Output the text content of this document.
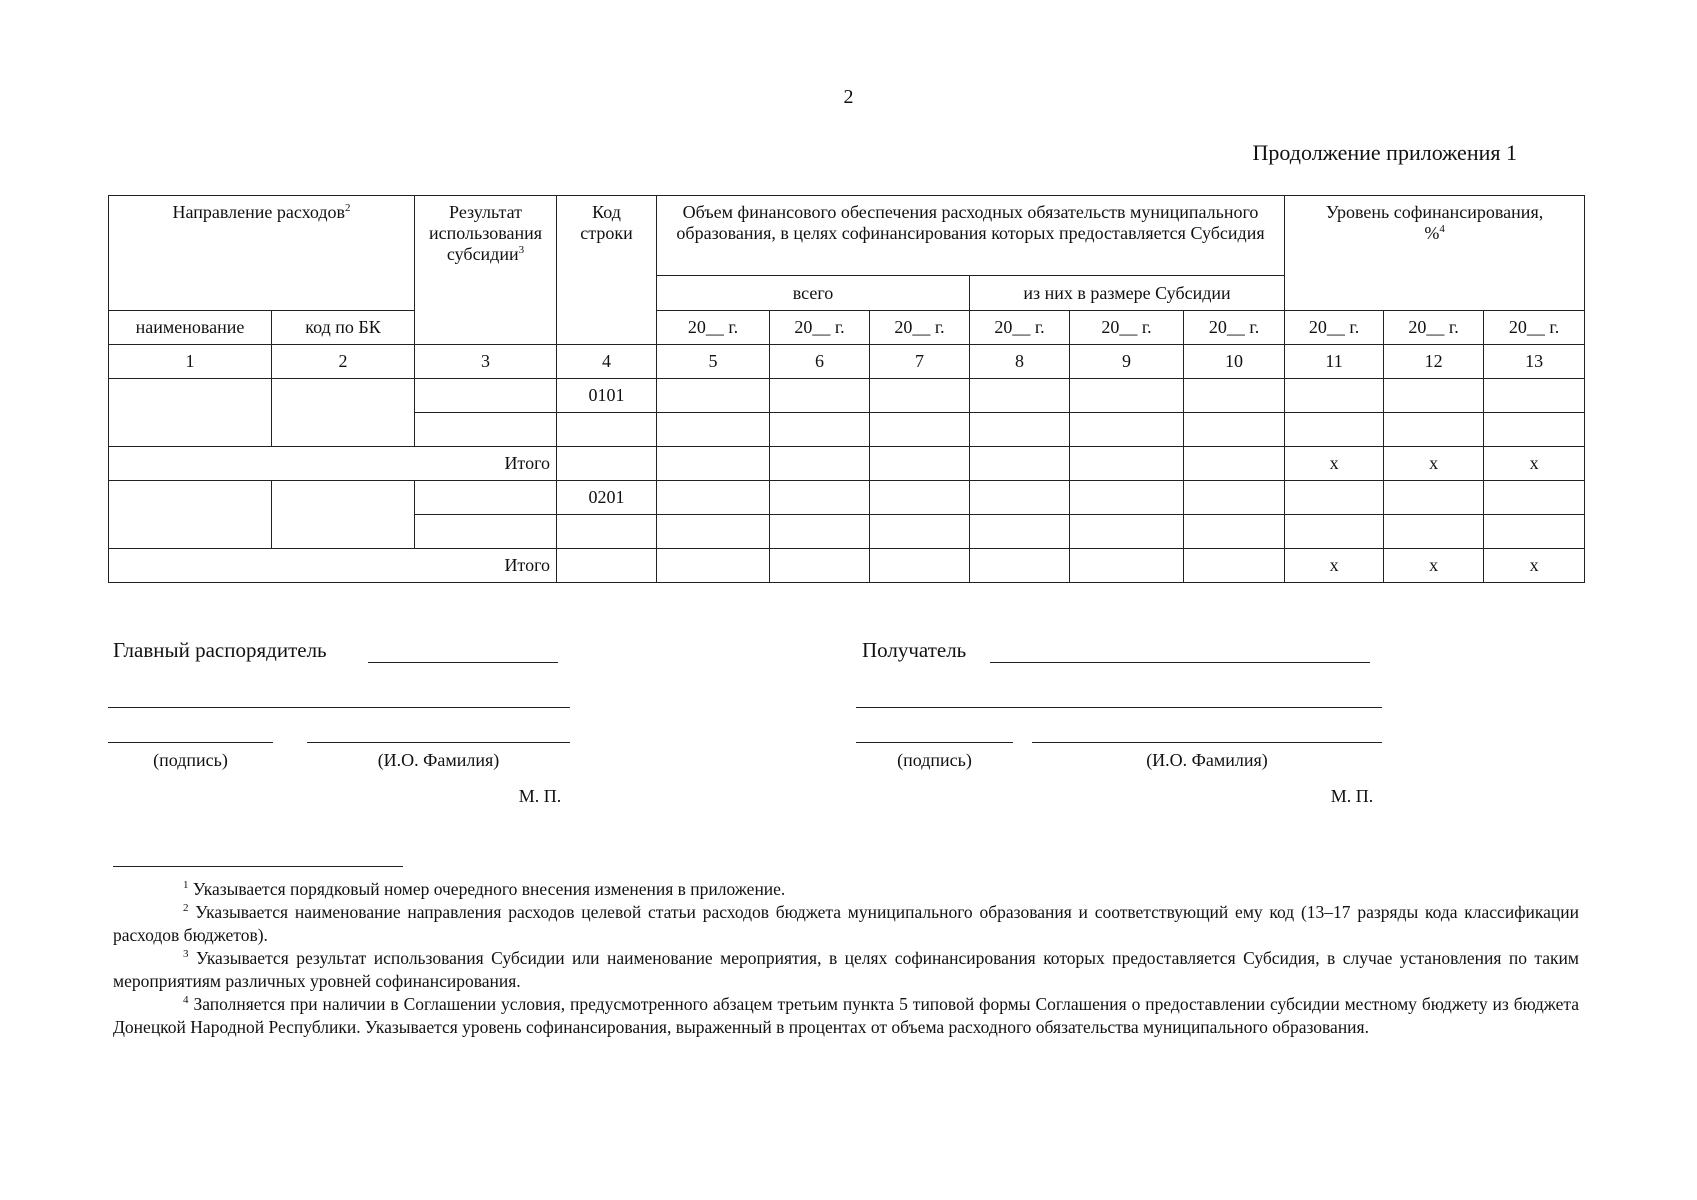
2
Продолжение приложения 1
Направление расходов$^2$		Результат использования субсидии$^3$	Код строки	Объем финансового обеспечения расходных обязательств муниципального образования, в целях софинансирования которых предоставляется Субсидия						Уровень софинансирования, %$^4$
				всего			из них в размере Субсидии					
наименование	код по БК			20__ г.	20__ г.	20__ г.	20__ г.	20__ г.	20__ г.	20__ г.	20__ г.	20__ г.
1	2	3	4	5	6	7	8	9	10	11	12	13
			0101									

Итого										x	x	x
			0201									

Итого										x	x	x
Главный распорядитель
(подпись)	(И.О. Фамилия)
М. П.
Получатель
(подпись)	(И.О. Фамилия)
М. П.

$^1$ Указывается порядковый номер очередного внесения изменения в приложение.

$^2$ Указывается наименование направления расходов целевой статьи расходов бюджета муниципального образования и соответствующий ему код (13–17 разряды кода классификации расходов бюджетов).

$^3$ Указывается результат использования Субсидии или наименование мероприятия, в целях софинансирования которых предоставляется Субсидия, в случае установления по таким мероприятиям различных уровней софинансирования.

$^4$ Заполняется при наличии в Соглашении условия, предусмотренного абзацем третьим пункта 5 типовой формы Соглашения о предоставлении субсидии местному бюджету из бюджета Донецкой Народной Республики. Указывается уровень софинансирования, выраженный в процентах от объема расходного обязательства муниципального образования.
